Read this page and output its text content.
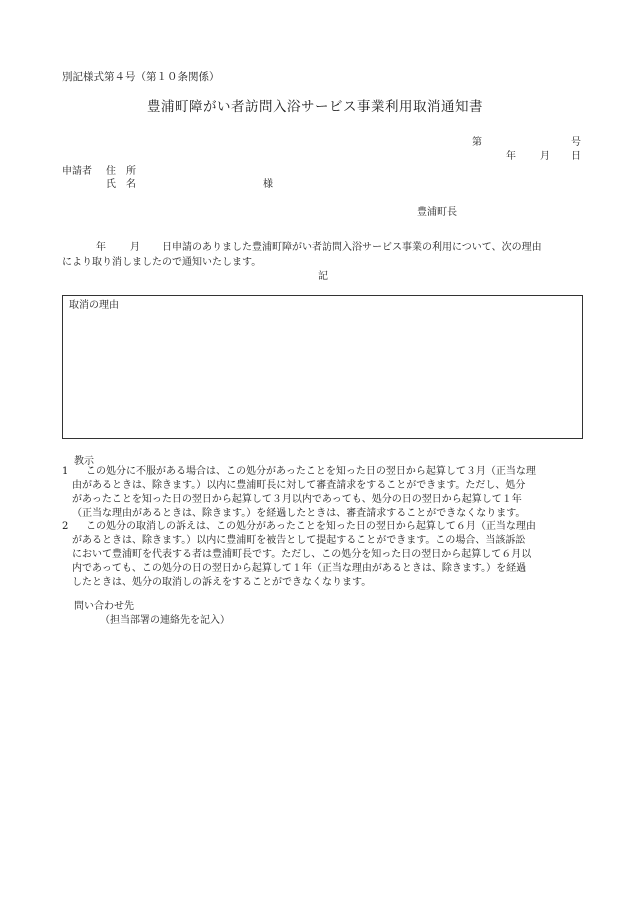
別記様式第４号（第１０条関係）
豊浦町障がい者訪問入浴サービス事業利用取消通知書
第	号
年 月 日
申請者 住　所
氏　名	様
豊浦町長
年 月 日申請のありました豊浦町障がい者訪問入浴サービス事業の利用について、次の理由
により取り消しましたので通知いたします。
記
取消の理由
教示
1	この処分に不服がある場合は、この処分があったことを知った日の翌日から起算して３月（正当な理
由があるときは、除きます。）以内に豊浦町長に対して審査請求をすることができます。ただし、処分
があったことを知った日の翌日から起算して３月以内であっても、処分の日の翌日から起算して１年
（正当な理由があるときは、除きます。）を経過したときは、審査請求することができなくなります。
2	この処分の取消しの訴えは、この処分があったことを知った日の翌日から起算して６月（正当な理由
があるときは、除きます。）以内に豊浦町を被告として提起することができます。この場合、当該訴訟
において豊浦町を代表する者は豊浦町長です。ただし、この処分を知った日の翌日から起算して６月以
内であっても、この処分の日の翌日から起算して１年（正当な理由があるときは、除きます。）を経過
したときは、処分の取消しの訴えをすることができなくなります。
問い合わせ先
（担当部署の連絡先を記入）
